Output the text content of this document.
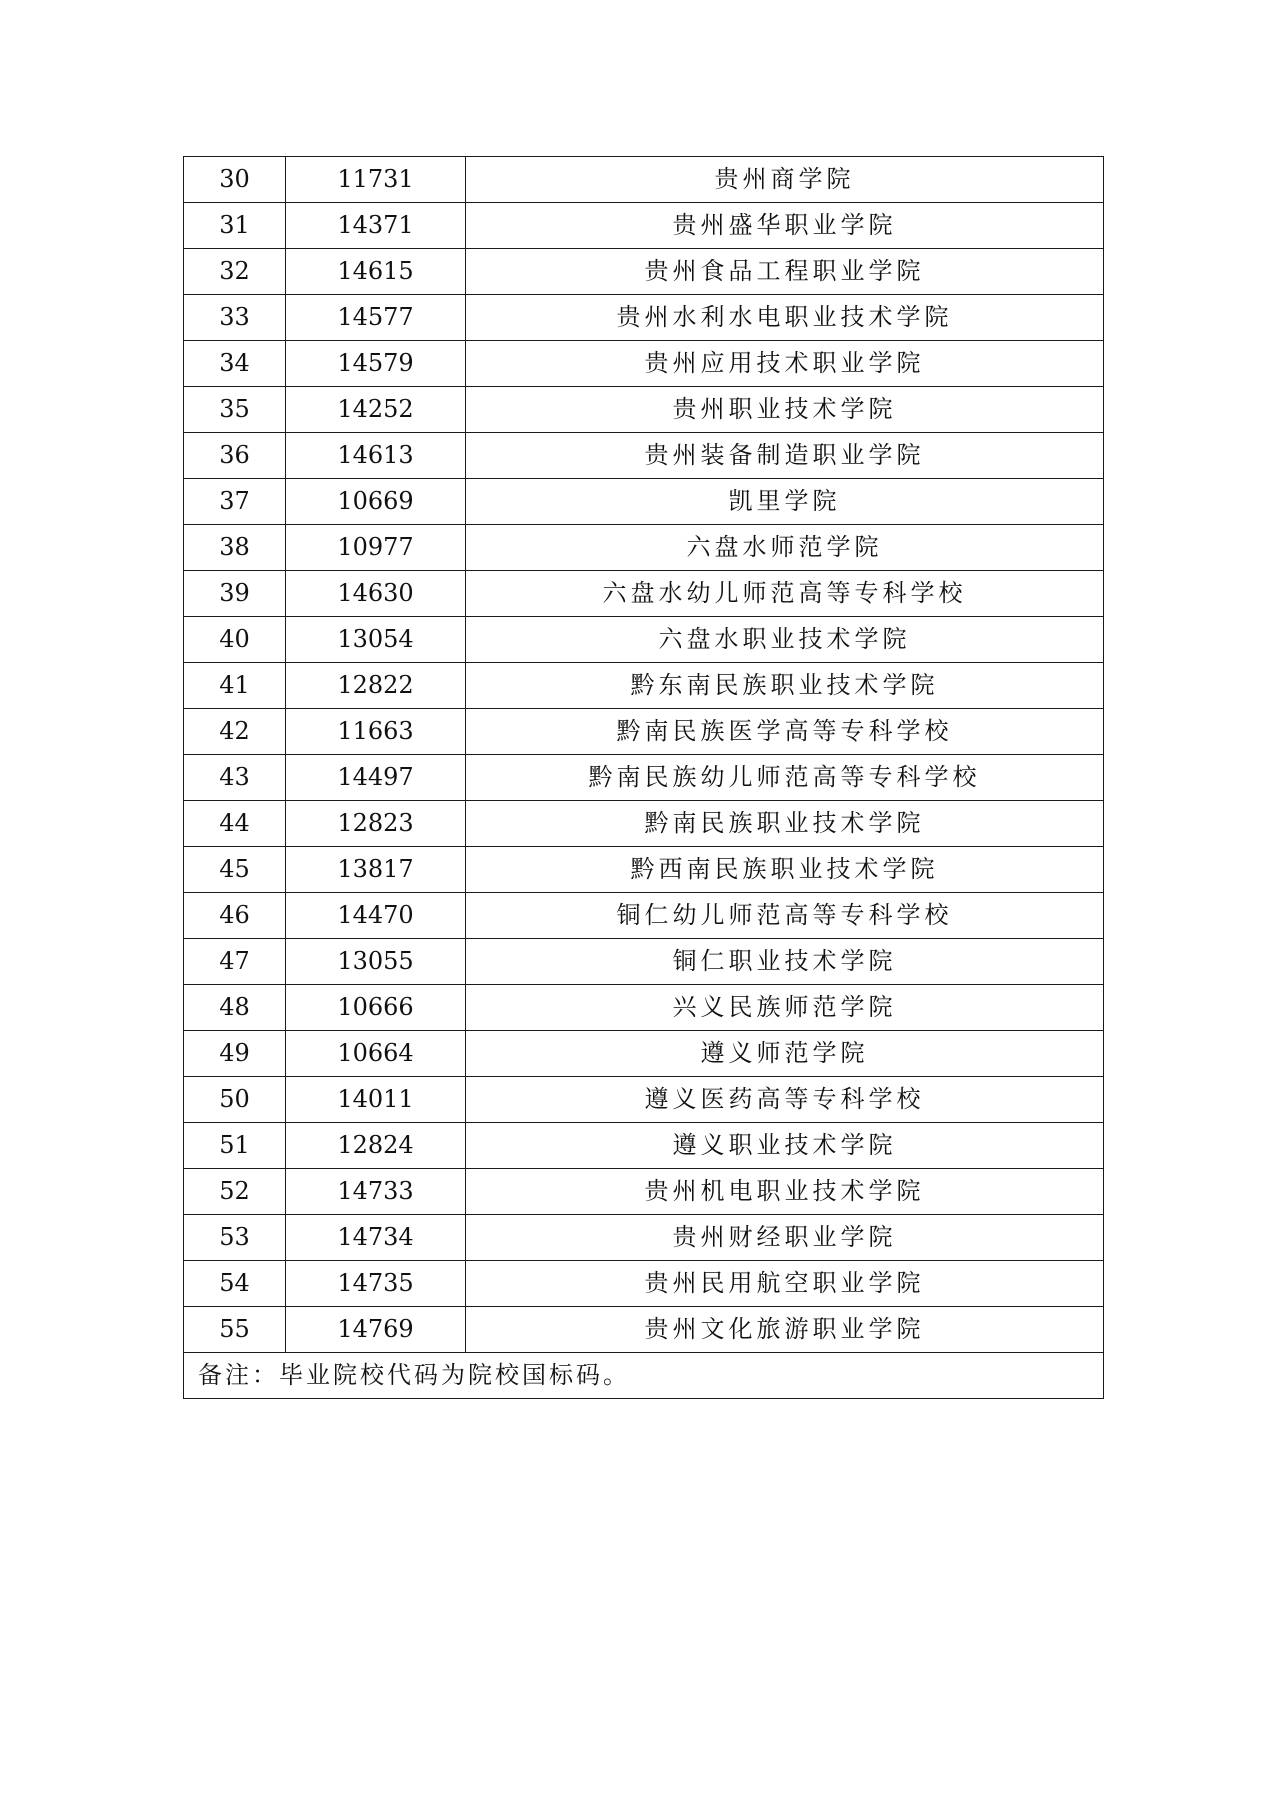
30	11731	贵州商学院
31	14371	贵州盛华职业学院
32	14615	贵州食品工程职业学院
33	14577	贵州水利水电职业技术学院
34	14579	贵州应用技术职业学院
35	14252	贵州职业技术学院
36	14613	贵州装备制造职业学院
37	10669	凯里学院
38	10977	六盘水师范学院
39	14630	六盘水幼儿师范高等专科学校
40	13054	六盘水职业技术学院
41	12822	黔东南民族职业技术学院
42	11663	黔南民族医学高等专科学校
43	14497	黔南民族幼儿师范高等专科学校
44	12823	黔南民族职业技术学院
45	13817	黔西南民族职业技术学院
46	14470	铜仁幼儿师范高等专科学校
47	13055	铜仁职业技术学院
48	10666	兴义民族师范学院
49	10664	遵义师范学院
50	14011	遵义医药高等专科学校
51	12824	遵义职业技术学院
52	14733	贵州机电职业技术学院
53	14734	贵州财经职业学院
54	14735	贵州民用航空职业学院
55	14769	贵州文化旅游职业学院
备注：毕业院校代码为院校国标码。		
